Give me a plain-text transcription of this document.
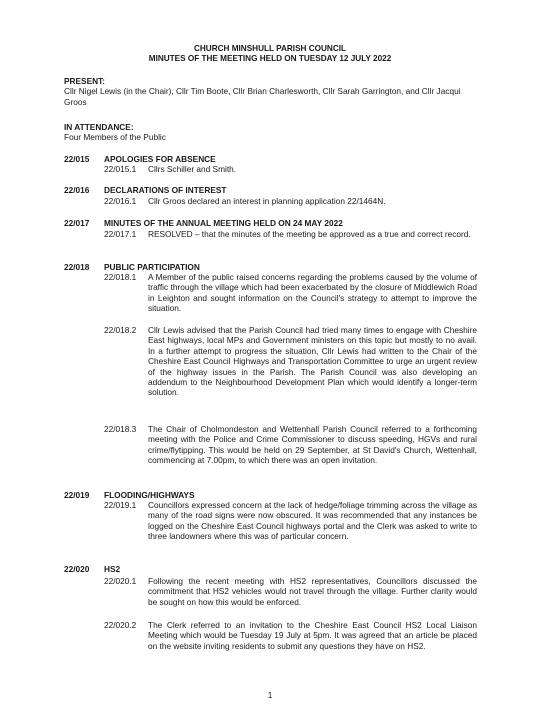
CHURCH MINSHULL PARISH COUNCIL
MINUTES OF THE MEETING HELD ON TUESDAY 12 JULY 2022
PRESENT:
Cllr Nigel Lewis (in the Chair), Cllr Tim Boote, Cllr Brian Charlesworth, Cllr Sarah Garrington, and Cllr Jacqui Groos
IN ATTENDANCE:
Four Members of the Public
22/015 APOLOGIES FOR ABSENCE
22/015.1 Cllrs Schiller and Smith.
22/016 DECLARATIONS OF INTEREST
22/016.1 Cllr Groos declared an interest in planning application 22/1464N.
22/017 MINUTES OF THE ANNUAL MEETING HELD ON 24 MAY 2022
22/017.1 RESOLVED – that the minutes of the meeting be approved as a true and correct record.
22/018 PUBLIC PARTICIPATION
22/018.1 A Member of the public raised concerns regarding the problems caused by the volume of traffic through the village which had been exacerbated by the closure of Middlewich Road in Leighton and sought information on the Council's strategy to attempt to improve the situation.
22/018.2 Cllr Lewis advised that the Parish Council had tried many times to engage with Cheshire East highways, local MPs and Government ministers on this topic but mostly to no avail. In a further attempt to progress the situation, Cllr Lewis had written to the Chair of the Cheshire East Council Highways and Transportation Committee to urge an urgent review of the highway issues in the Parish. The Parish Council was also developing an addendum to the Neighbourhood Development Plan which would identify a longer-term solution.
22/018.3 The Chair of Cholmondeston and Wettenhall Parish Council referred to a forthcoming meeting with the Police and Crime Commissioner to discuss speeding, HGVs and rural crime/flytipping. This would be held on 29 September, at St David's Church, Wettenhall, commencing at 7.00pm, to which there was an open invitation.
22/019 FLOODING/HIGHWAYS
22/019.1 Councillors expressed concern at the lack of hedge/foliage trimming across the village as many of the road signs were now obscured. It was recommended that any instances be logged on the Cheshire East Council highways portal and the Clerk was asked to write to three landowners where this was of particular concern.
22/020 HS2
22/020.1 Following the recent meeting with HS2 representatives, Councillors discussed the commitment that HS2 vehicles would not travel through the village. Further clarity would be sought on how this would be enforced.
22/020.2 The Clerk referred to an invitation to the Cheshire East Council HS2 Local Liaison Meeting which would be Tuesday 19 July at 5pm. It was agreed that an article be placed on the website inviting residents to submit any questions they have on HS2.
1
